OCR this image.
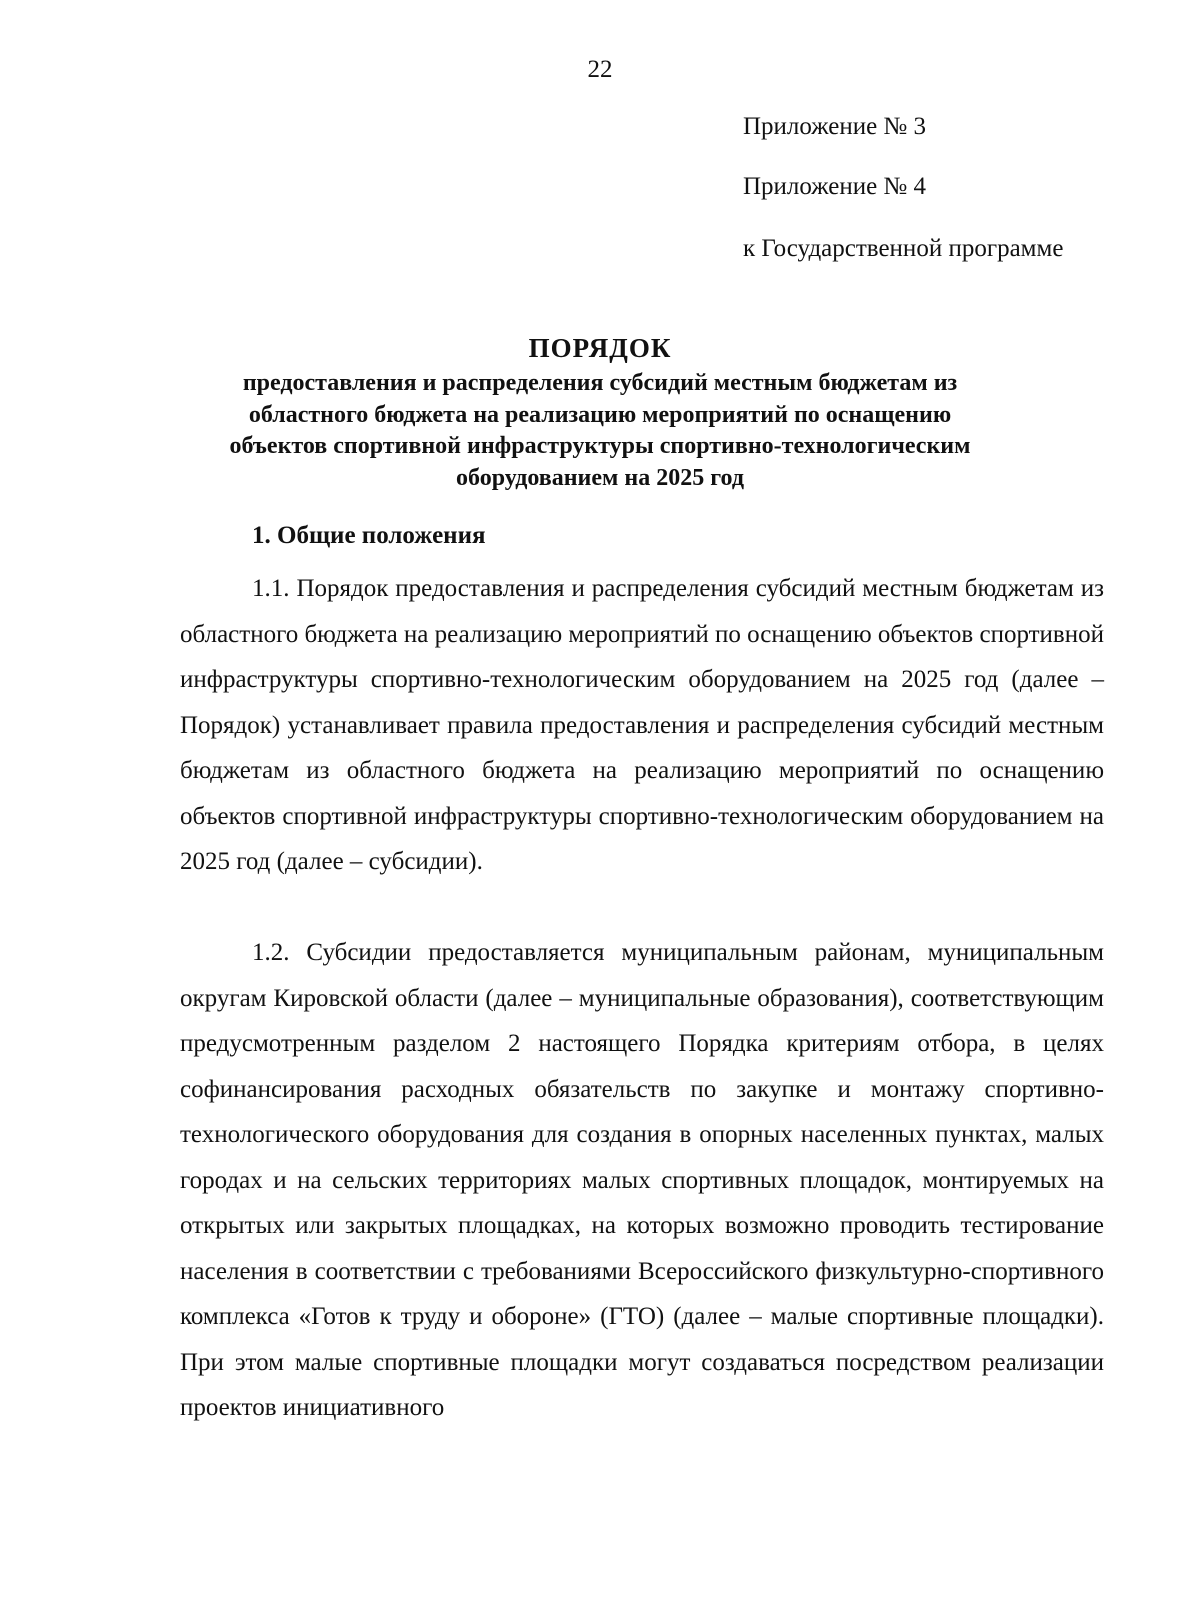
22
Приложение № 3
Приложение № 4
к Государственной программе
ПОРЯДОК
предоставления и распределения субсидий местным бюджетам из областного бюджета на реализацию мероприятий по оснащению объектов спортивной инфраструктуры спортивно-технологическим оборудованием на 2025 год
1. Общие положения

1.1. Порядок предоставления и распределения субсидий местным бюджетам из областного бюджета на реализацию мероприятий по оснащению объектов спортивной инфраструктуры спортивно-технологическим оборудованием на 2025 год (далее – Порядок) устанавливает правила предоставления и распределения субсидий местным бюджетам из областного бюджета на реализацию мероприятий по оснащению объектов спортивной инфраструктуры спортивно-технологическим оборудованием на 2025 год (далее – субсидии).

1.2. Субсидии предоставляется муниципальным районам, муниципальным округам Кировской области (далее – муниципальные образования), соответствующим предусмотренным разделом 2 настоящего Порядка критериям отбора, в целях софинансирования расходных обязательств по закупке и монтажу спортивно-технологического оборудования для создания в опорных населенных пунктах, малых городах и на сельских территориях малых спортивных площадок, монтируемых на открытых или закрытых площадках, на которых возможно проводить тестирование населения в соответствии с требованиями Всероссийского физкультурно-спортивного комплекса «Готов к труду и обороне» (ГТО) (далее – малые спортивные площадки). При этом малые спортивные площадки могут создаваться посредством реализации проектов инициативного
